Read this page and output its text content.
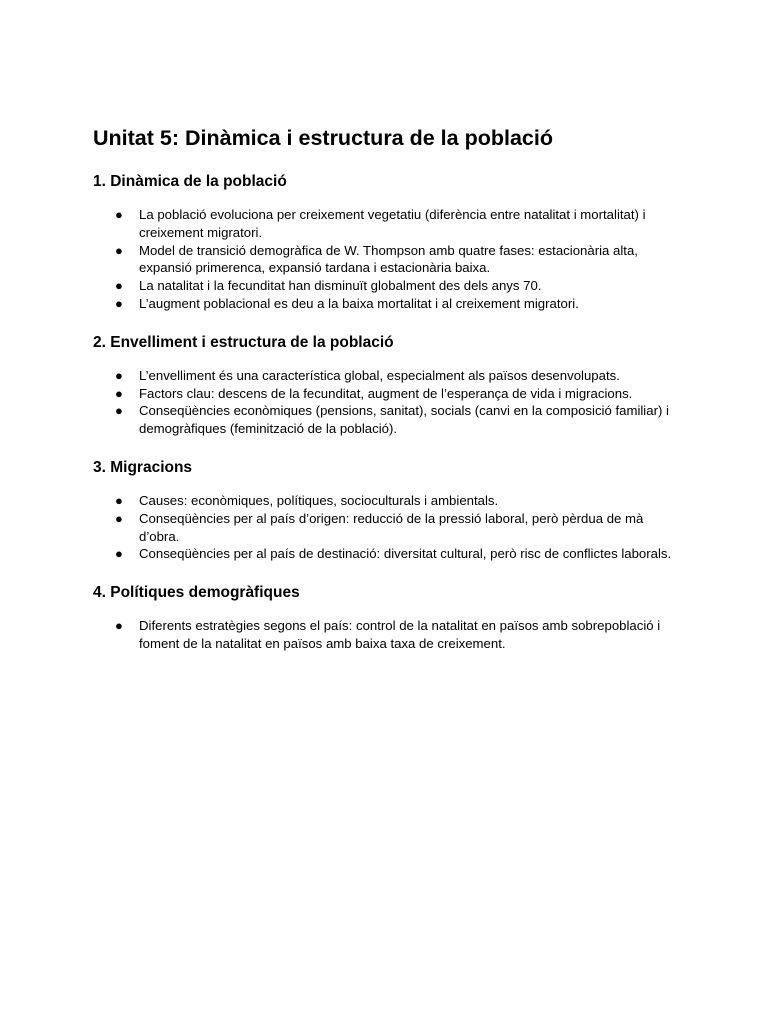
Unitat 5: Dinàmica i estructura de la població
1. Dinàmica de la població
● La població evoluciona per creixement vegetatiu (diferència entre natalitat i mortalitat) i creixement migratori.
● Model de transició demogràfica de W. Thompson amb quatre fases: estacionària alta, expansió primerenca, expansió tardana i estacionària baixa.
● La natalitat i la fecunditat han disminuït globalment des dels anys 70.
● L’augment poblacional es deu a la baixa mortalitat i al creixement migratori.
2. Envelliment i estructura de la població
● L’envelliment és una característica global, especialment als països desenvolupats.
● Factors clau: descens de la fecunditat, augment de l’esperança de vida i migracions.
● Conseqüències econòmiques (pensions, sanitat), socials (canvi en la composició familiar) i demogràfiques (feminització de la població).
3. Migracions
● Causes: econòmiques, polítiques, socioculturals i ambientals.
● Conseqüències per al país d’origen: reducció de la pressió laboral, però pèrdua de mà d’obra.
● Conseqüències per al país de destinació: diversitat cultural, però risc de conflictes laborals.
4. Polítiques demogràfiques
● Diferents estratègies segons el país: control de la natalitat en països amb sobrepoblació i foment de la natalitat en països amb baixa taxa de creixement.
